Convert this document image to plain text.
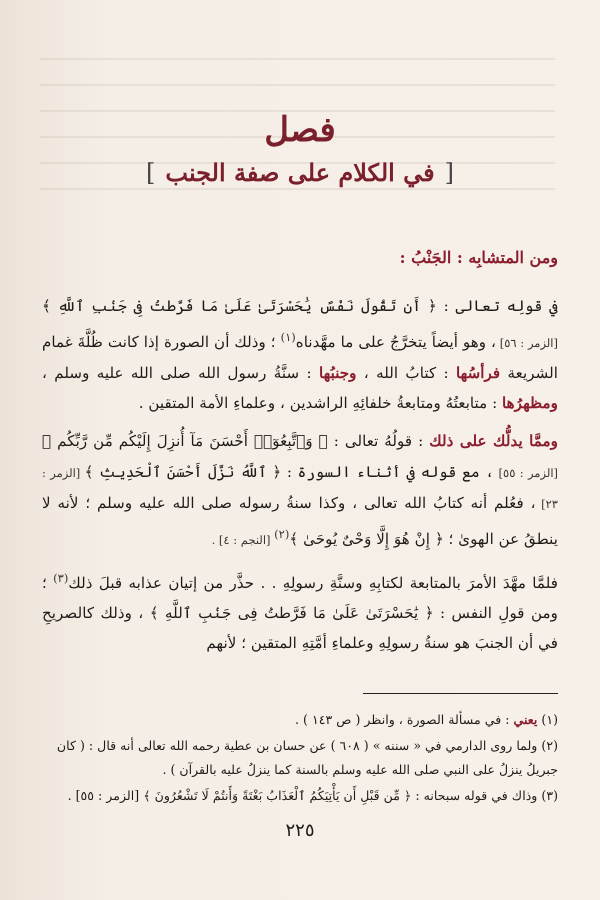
فصل
[في الكلام على صفة الجنب]

ومن المتشابِه : الجَنْبُ :

في قولِه تعالى : ﴿ أَن تَقُولَ نَفْسٌ يَٰحَسْرَتَىٰ عَلَىٰ مَا فَرَّطتُ فِى جَنۢبِ ٱللَّهِ ﴾ [الزمر : ٥٦] ، وهو أيضاً يتخرَّجُ على ما مهَّدناه$^{(١)}$ ؛ وذلك أن الصورة إذا كانت ظُلَّةَ غمام الشريعة فرأسُها : كتابُ الله ، وجنبُها : سنَّةُ رسول الله صلى الله عليه وسلم ، ومظهرُها : متابعتُهُ ومتابعةُ خلفائِهِ الراشدين ، وعلماءِ الأمة المتقين .

وممَّا يدلُّك على ذلك : قولُهُ تعالى : ﴿ وَٱتَّبِعُوٓا۟ أَحْسَنَ مَآ أُنزِلَ إِلَيْكُم مِّن رَّبِّكُم ﴾ [الزمر : ٥٥] ، مع قوله في أثناء السورة : ﴿ ٱللَّهُ نَزَّلَ أَحْسَنَ ٱلْحَدِيثِ ﴾ [الزمر : ٢٣] ، فعُلم أنه كتابُ الله تعالى ، وكذا سنةُ رسوله صلى الله عليه وسلم ؛ لأنه لا ينطقُ عن الهوىٰ ؛ ﴿ إِنْ هُوَ إِلَّا وَحْىٌ يُوحَىٰ ﴾$^{(٢)}$ [النجم : ٤] .

فلمَّا مهَّدَ الأمرَ بالمتابعة لكتابِهِ وسنَّةِ رسولِهِ . . حذَّر من إتيان عذابه قبلَ ذلك$^{(٣)}$ ؛ ومن قولِ النفس : ﴿ يَٰحَسْرَتَىٰ عَلَىٰ مَا فَرَّطتُ فِى جَنۢبِ ٱللَّهِ ﴾ ، وذلك كالصريحِ في أن الجنبَ هو سنةُ رسولِهِ وعلماءِ أمَّتِهِ المتقين ؛ لأنهم

(١) يعني : في مسألة الصورة ، وانظر ( ص ١٤٣ ) .
(٢) ولما روى الدارمي في « سننه » ( ٦٠٨ ) عن حسان بن عطية رحمه الله تعالى أنه قال : ( كان جبريلُ ينزلُ على النبي صلى الله عليه وسلم بالسنة كما ينزلُ عليه بالقرآن ) .
(٣) وذاك في قوله سبحانه : ﴿ مِّن قَبْلِ أَن يَأْتِيَكُمُ ٱلْعَذَابُ بَغْتَةً وَأَنتُمْ لَا تَشْعُرُونَ ﴾ [الزمر : ٥٥] .
٢٢٥
